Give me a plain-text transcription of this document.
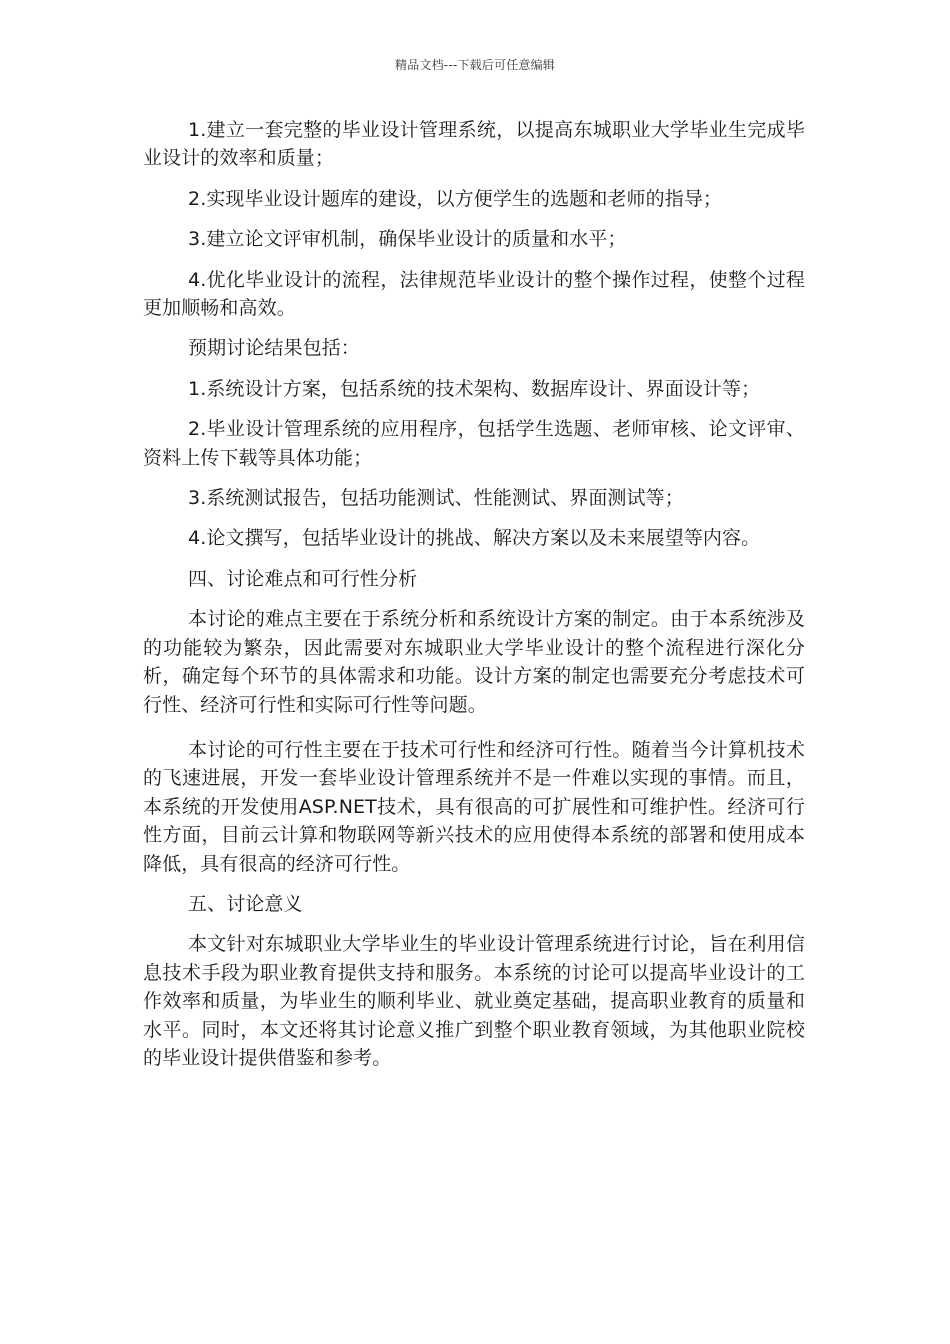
精品文档---下载后可任意编辑

1.建立一套完整的毕业设计管理系统，以提高东城职业大学毕业生完成毕业设计的效率和质量；

2.实现毕业设计题库的建设，以方便学生的选题和老师的指导；

3.建立论文评审机制，确保毕业设计的质量和水平；

4.优化毕业设计的流程，法律规范毕业设计的整个操作过程，使整个过程更加顺畅和高效。

预期讨论结果包括：

1.系统设计方案，包括系统的技术架构、数据库设计、界面设计等；

2.毕业设计管理系统的应用程序，包括学生选题、老师审核、论文评审、资料上传下载等具体功能；

3.系统测试报告，包括功能测试、性能测试、界面测试等；

4.论文撰写，包括毕业设计的挑战、解决方案以及未来展望等内容。

四、讨论难点和可行性分析

本讨论的难点主要在于系统分析和系统设计方案的制定。由于本系统涉及的功能较为繁杂，因此需要对东城职业大学毕业设计的整个流程进行深化分析，确定每个环节的具体需求和功能。设计方案的制定也需要充分考虑技术可行性、经济可行性和实际可行性等问题。

本讨论的可行性主要在于技术可行性和经济可行性。随着当今计算机技术的飞速进展，开发一套毕业设计管理系统并不是一件难以实现的事情。而且，本系统的开发使用ASP.NET技术，具有很高的可扩展性和可维护性。经济可行性方面，目前云计算和物联网等新兴技术的应用使得本系统的部署和使用成本降低，具有很高的经济可行性。

五、讨论意义

本文针对东城职业大学毕业生的毕业设计管理系统进行讨论，旨在利用信息技术手段为职业教育提供支持和服务。本系统的讨论可以提高毕业设计的工作效率和质量，为毕业生的顺利毕业、就业奠定基础，提高职业教育的质量和水平。同时，本文还将其讨论意义推广到整个职业教育领域，为其他职业院校的毕业设计提供借鉴和参考。
